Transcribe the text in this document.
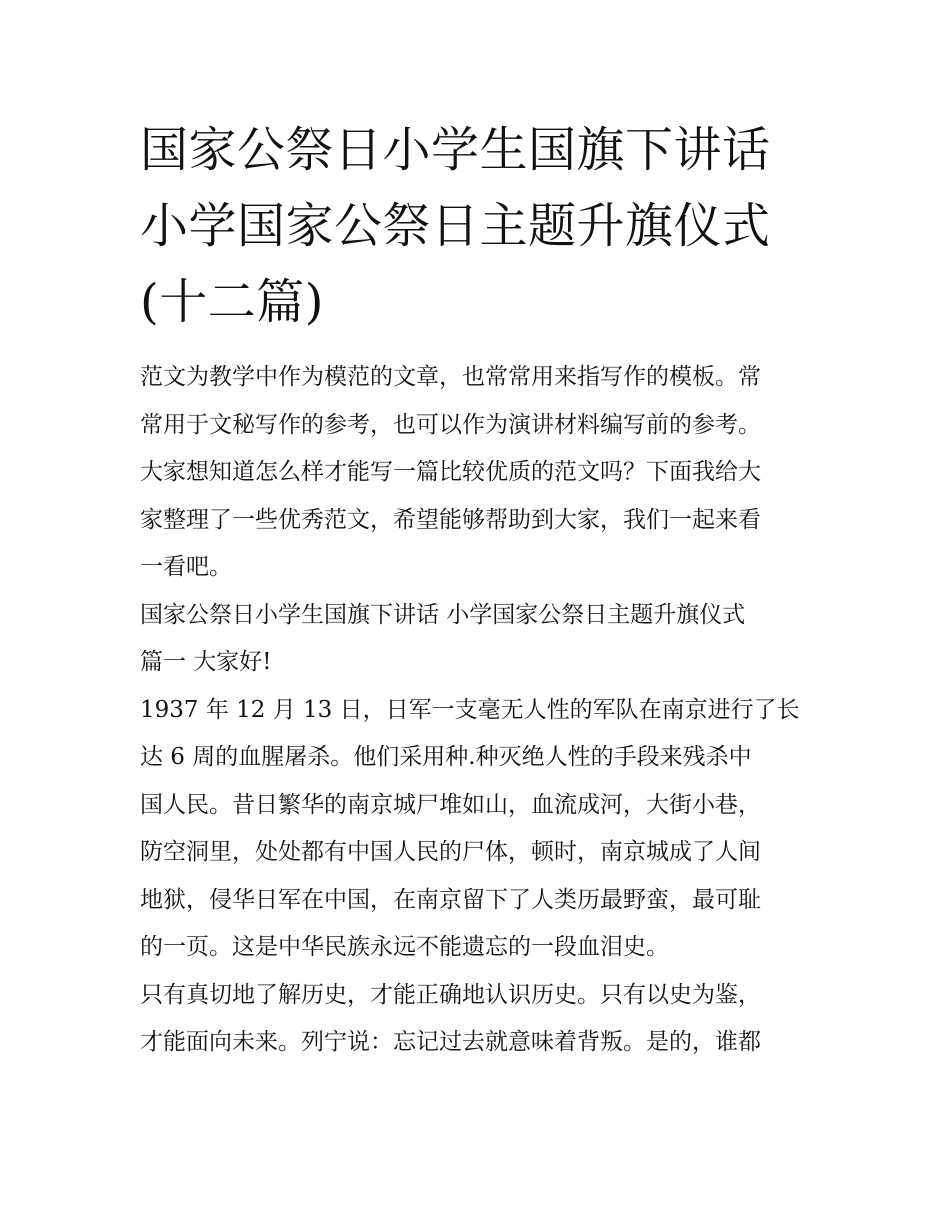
国家公祭日小学生国旗下讲话
小学国家公祭日主题升旗仪式
(十二篇)

范文为教学中作为模范的文章，也常常用来指写作的模板。常
常用于文秘写作的参考，也可以作为演讲材料编写前的参考。
大家想知道怎么样才能写一篇比较优质的范文吗？下面我给大
家整理了一些优秀范文，希望能够帮助到大家，我们一起来看
一看吧。

国家公祭日小学生国旗下讲话 小学国家公祭日主题升旗仪式
篇一 大家好!

1937 年 12 月 13 日，日军一支毫无人性的军队在南京进行了长
达 6 周的血腥屠杀。他们采用种.种灭绝人性的手段来残杀中
国人民。昔日繁华的南京城尸堆如山，血流成河，大街小巷，
防空洞里，处处都有中国人民的尸体，顿时，南京城成了人间
地狱，侵华日军在中国，在南京留下了人类历最野蛮，最可耻
的一页。这是中华民族永远不能遗忘的一段血泪史。

只有真切地了解历史，才能正确地认识历史。只有以史为鉴，
才能面向未来。列宁说：忘记过去就意味着背叛。是的，谁都
